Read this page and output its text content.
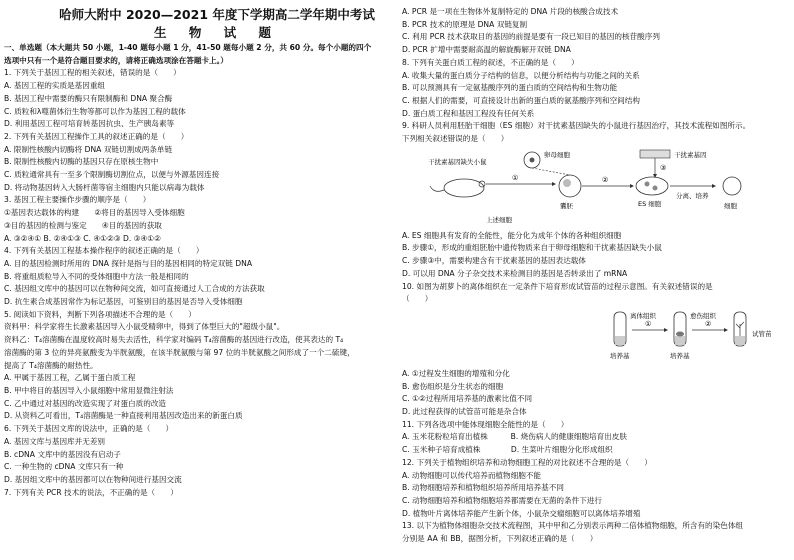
哈师大附中 2020—2021 年度下学期高二学年期中考试
生 物 试 题
一、单选题（本大题共 50 小题，1-40 题每小题 1 分，41-50 题每小题 2 分，共 60 分。每个小题的四个
选项中只有一个是符合题目要求的，请将正确选项涂在答题卡上。）
1. 下列关于基因工程的相关叙述，错误的是（　　）
A. 基因工程的实质是基因重组
B. 基因工程中需要的酶只有限制酶和 DNA 聚合酶
C. 质粒和λ噬菌体衍生物等都可以作为基因工程的载体
D. 利用基因工程可培育转基因抗虫、生产胰岛素等
2. 下列有关基因工程操作工具的叙述正确的是（　　）
A. 限制性核酸内切酶将 DNA 双链切割成两条单链
B. 限制性核酸内切酶的基因只存在原核生物中
C. 质粒通常具有一至多个限制酶切割位点，以便与外源基因连接
D. 将动物基因转入大肠杆菌等宿主细胞内只能以病毒为载体
3. 基因工程主要操作步骤的顺序是（　　）
①基因表达载体的构建　　②将目的基因导入受体细胞
③目的基因的检测与鉴定　　④目的基因的获取
A. ③②④① B. ②④①③ C. ④①②③ D. ③④①②
4. 下列有关基因工程基本操作程序的叙述正确的是（　　）
A. 目的基因检测时所用的 DNA 探针是指与目的基因相同的特定双链 DNA
B. 将重组质粒导入不同的受体细胞中方法一般是相同的
C. 基因组文库中的基因可以在物种间交流，如可直接通过人工合成的方法获取
D. 抗生素合成基因常作为标记基因，可鉴别目的基因是否导入受体细胞
5. 阅读如下资料，判断下列各项描述不合理的是（　　）
资料甲：科学家将生长激素基因导入小鼠受精卵中，得到了体型巨大的"超级小鼠"。
资料乙：T₄溶菌酶在温度较高时易失去活性，科学家对编码 T₄溶菌酶的基因进行改造，使其表达的 T₄
溶菌酶的第 3 位的异亮氨酸变为半胱氨酸，在该半胱氨酸与第 97 位的半胱氨酸之间形成了一个二硫键，
提高了 T₄溶菌酶的耐热性。
A. 甲属于基因工程，乙属于蛋白质工程
B. 甲中将目的基因导入小鼠细胞中常用显微注射法
C. 乙中通过对基因的改造实现了对蛋白质的改造
D. 从资料乙可看出，T₄溶菌酶是一种直接利用基因改造出来的新蛋白质
6. 下列关于基因文库的说法中，正确的是（　　）
A. 基因文库与基因库并无差别
B. cDNA 文库中的基因没有启动子
C. 一种生物的 cDNA 文库只有一种
D. 基因组文库中的基因都可以在物种间进行基因交流
7. 下列有关 PCR 技术的说法，不正确的是（　　）
A. PCR 是一项在生物体外复制特定的 DNA 片段的核酸合成技术
B. PCR 技术的原理是 DNA 双链复制
C. 利用 PCR 技术获取目的基因的前提是要有一段已知目的基因的核苷酸序列
D. PCR 扩增中需要耐高温的解旋酶解开双链 DNA
8. 下列有关蛋白质工程的叙述，不正确的是（　　）
A. 收集大量的蛋白质分子结构的信息，以便分析结构与功能之间的关系
B. 可以预测具有一定氨基酸序列的蛋白质的空间结构和生物功能
C. 根据人们的需要，可直接设计出新的蛋白质的氨基酸序列和空间结构
D. 蛋白质工程和基因工程没有任何关系
9. 科研人员利用胚胎干细胞（ES 细胞）对干扰素基因缺失的小鼠进行基因治疗，其技术流程如图所示。
下列相关叙述错误的是（　　）
干扰素基因缺失小鼠
卵母细胞
①
囊胚
②
ES 细胞
干扰素基因
③
分离、培养
细胞
上述细胞
A. ES 细胞具有发育的全能性，能分化为成年个体的各种组织细胞
B. 步骤①，形成的重组胚胎中遗传物质来自于卵母细胞和干扰素基因缺失小鼠
C. 步骤③中，需要构建含有干扰素基因的基因表达载体
D. 可以用 DNA 分子杂交技术来检测目的基因是否转录出了 mRNA
10. 如图为胡萝卜的离体组织在一定条件下培育形成试管苗的过程示意图。有关叙述错误的是
（　　）
离体组织
培养基
①
愈伤组织
培养基
②
试管苗
A. ①过程发生细胞的增殖和分化
B. 愈伤组织是分生状态的细胞
C. ①②过程所用培养基的激素比值不同
D. 此过程获得的试管苗可能是杂合体
11. 下列各选项中能体现细胞全能性的是（　　）
A. 玉米花粉粒培育出植株　　　B. 烧伤病人的健康细胞培育出皮肤
C. 玉米种子培育成植株　　　　D. 生菜叶片细胞分化形成组织
12. 下列关于植物组织培养和动物细胞工程的对比叙述不合理的是（　　）
A. 动物细胞可以传代培养而植物细胞不能
B. 动物细胞培养和植物组织培养所用培养基不同
C. 动物细胞培养和植物细胞培养都需要在无菌的条件下进行
D. 植物叶片离体培养能产生新个体，小鼠杂交瘤细胞可以离体培养增殖
13. 以下为植物体细胞杂交技术流程图，其中甲和乙分别表示两种二倍体植物细胞，所含有的染色体组
分别是 AA 和 BB，据图分析，下列叙述正确的是（　　）
